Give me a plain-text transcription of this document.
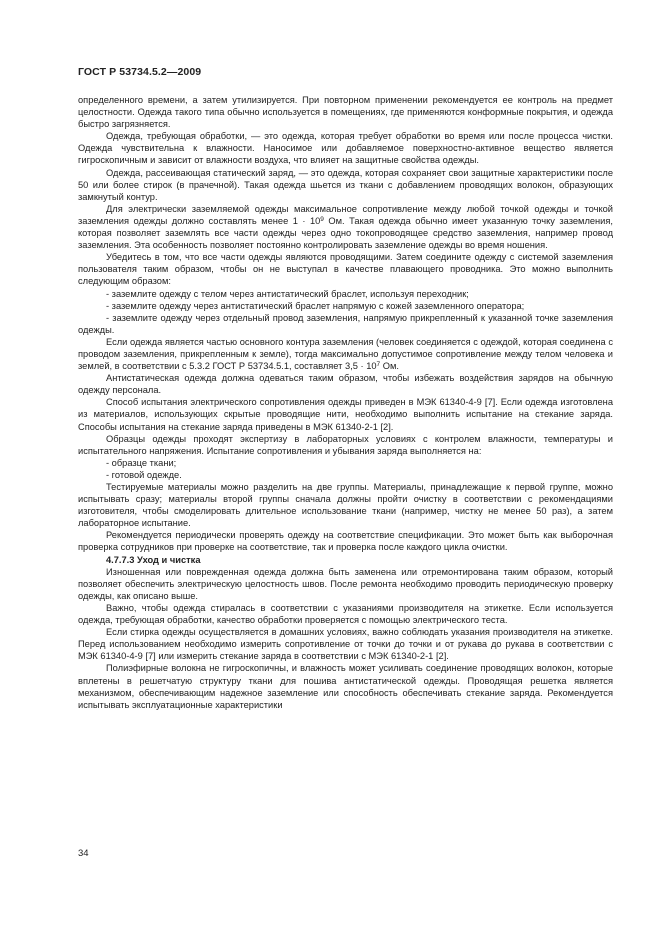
ГОСТ Р 53734.5.2—2009

определенного времени, а затем утилизируется. При повторном применении рекомендуется ее контроль на предмет целостности. Одежда такого типа обычно используется в помещениях, где применяются конформные покрытия, и одежда быстро загрязняется.

Одежда, требующая обработки, — это одежда, которая требует обработки во время или после процесса чистки. Одежда чувствительна к влажности. Наносимое или добавляемое поверхностно-активное вещество является гигроскопичным и зависит от влажности воздуха, что влияет на защитные свойства одежды.

Одежда, рассеивающая статический заряд, — это одежда, которая сохраняет свои защитные характеристики после 50 или более стирок (в прачечной). Такая одежда шьется из ткани с добавлением проводящих волокон, образующих замкнутый контур.

Для электрически заземляемой одежды максимальное сопротивление между любой точкой одежды и точкой заземления одежды должно составлять менее $1 \cdot 10^9$ Ом. Такая одежда обычно имеет указанную точку заземления, которая позволяет заземлять все части одежды через одно токопроводящее средство заземления, например провод заземления. Эта особенность позволяет постоянно контролировать заземление одежды во время ношения.

Убедитесь в том, что все части одежды являются проводящими. Затем соедините одежду с системой заземления пользователя таким образом, чтобы он не выступал в качестве плавающего проводника. Это можно выполнить следующим образом:

- заземлите одежду с телом через антистатический браслет, используя переходник;

- заземлите одежду через антистатический браслет напрямую с кожей заземленного оператора;

- заземлите одежду через отдельный провод заземления, напрямую прикрепленный к указанной точке заземления одежды.

Если одежда является частью основного контура заземления (человек соединяется с одеждой, которая соединена с проводом заземления, прикрепленным к земле), тогда максимально допустимое сопротивление между телом человека и землей, в соответствии с 5.3.2 ГОСТ Р 53734.5.1, составляет $3,5 \cdot 10^7$ Ом.

Антистатическая одежда должна одеваться таким образом, чтобы избежать воздействия зарядов на обычную одежду персонала.

Способ испытания электрического сопротивления одежды приведен в МЭК 61340-4-9 [7]. Если одежда изготовлена из материалов, использующих скрытые проводящие нити, необходимо выполнить испытание на стекание заряда. Способы испытания на стекание заряда приведены в МЭК 61340-2-1 [2].

Образцы одежды проходят экспертизу в лабораторных условиях с контролем влажности, температуры и испытательного напряжения. Испытание сопротивления и убывания заряда выполняется на:

- образце ткани;

- готовой одежде.

Тестируемые материалы можно разделить на две группы. Материалы, принадлежащие к первой группе, можно испытывать сразу; материалы второй группы сначала должны пройти очистку в соответствии с рекомендациями изготовителя, чтобы смоделировать длительное использование ткани (например, чистку не менее 50 раз), а затем лабораторное испытание.

Рекомендуется периодически проверять одежду на соответствие спецификации. Это может быть как выборочная проверка сотрудников при проверке на соответствие, так и проверка после каждого цикла очистки.

4.7.7.3 Уход и чистка

Изношенная или поврежденная одежда должна быть заменена или отремонтирована таким образом, который позволяет обеспечить электрическую целостность швов. После ремонта необходимо проводить периодическую проверку одежды, как описано выше.

Важно, чтобы одежда стиралась в соответствии с указаниями производителя на этикетке. Если используется одежда, требующая обработки, качество обработки проверяется с помощью электрического теста.

Если стирка одежды осуществляется в домашних условиях, важно соблюдать указания производителя на этикетке. Перед использованием необходимо измерить сопротивление от точки до точки и от рукава до рукава в соответствии с МЭК 61340-4-9 [7] или измерить стекание заряда в соответствии с МЭК 61340-2-1 [2].

Полиэфирные волокна не гигроскопичны, и влажность может усиливать соединение проводящих волокон, которые вплетены в решетчатую структуру ткани для пошива антистатической одежды. Проводящая решетка является механизмом, обеспечивающим надежное заземление или способность обеспечивать стекание заряда. Рекомендуется испытывать эксплуатационные характеристики

34
